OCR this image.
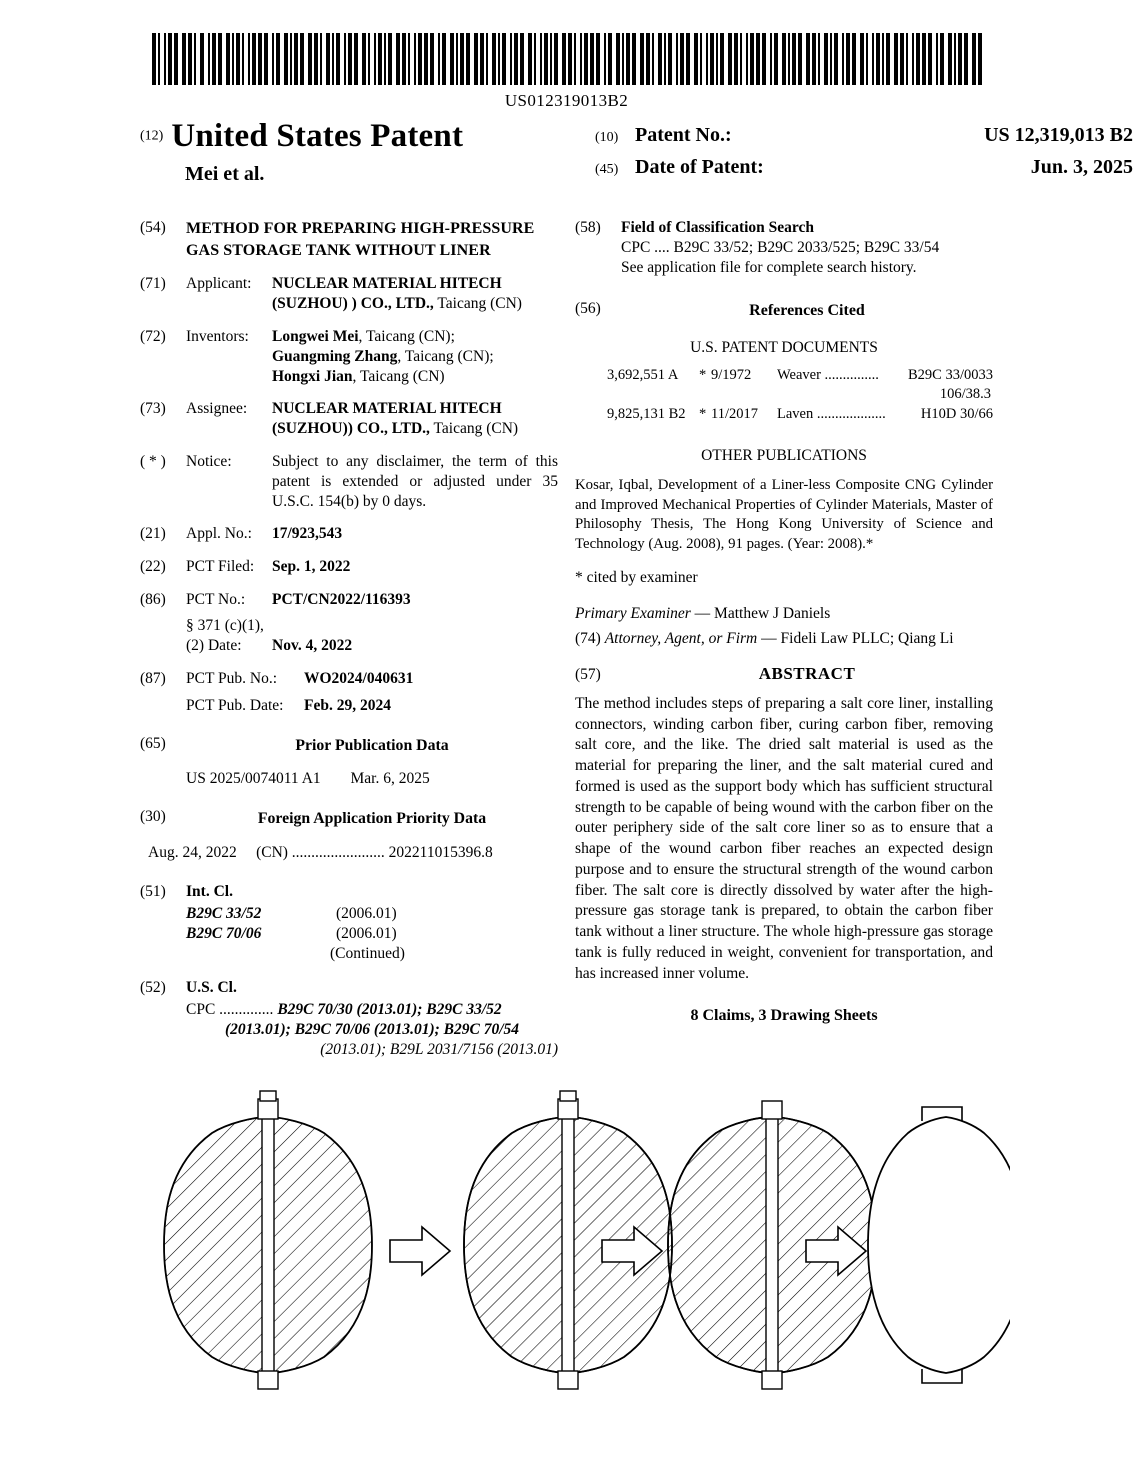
US012319013B2
(12) United States Patent
Mei et al.
(10) Patent No.:	US 12,319,013 B2
(45) Date of Patent:	Jun. 3, 2025
(54)	METHOD FOR PREPARING HIGH-PRESSURE GAS STORAGE TANK WITHOUT LINER
(71)	Applicant:	NUCLEAR MATERIAL HITECH (SUZHOU) ) CO., LTD., Taicang (CN)
(72)	Inventors:	Longwei Mei, Taicang (CN);
Guangming Zhang, Taicang (CN);
Hongxi Jian, Taicang (CN)
(73)	Assignee:	NUCLEAR MATERIAL HITECH (SUZHOU)) CO., LTD., Taicang (CN)
( * )	Notice:	Subject to any disclaimer, the term of this patent is extended or adjusted under 35 U.S.C. 154(b) by 0 days.
(21)	Appl. No.:	17/923,543
(22)	PCT Filed:	Sep. 1, 2022
(86)	PCT No.:	PCT/CN2022/116393
§ 371 (c)(1),
(2) Date:	Nov. 4, 2022
(87)	PCT Pub. No.:	WO2024/040631
PCT Pub. Date:	Feb. 29, 2024
(65)	Prior Publication Data
US 2025/0074011 A1 Mar. 6, 2025
(30)	Foreign Application Priority Data
Aug. 24, 2022     (CN) ........................ 202211015396.8
(51)	Int. Cl.
B29C 33/52	(2006.01)
B29C 70/06	(2006.01)
(Continued)
(52)	U.S. Cl.
CPC .............. B29C 70/30 (2013.01); B29C 33/52
(2013.01); B29C 70/06 (2013.01); B29C 70/54
(2013.01); B29L 2031/7156 (2013.01)
(58)	Field of Classification Search
CPC .... B29C 33/52; B29C 2033/525; B29C 33/54
See application file for complete search history.
(56)	References Cited
U.S. PATENT DOCUMENTS
3,692,551 A	* 9/1972	Weaver ...............	B29C 33/0033
106/38.3
9,825,131 B2 * 11/2017	Laven ...................	H10D 30/66
OTHER PUBLICATIONS
Kosar, Iqbal, Development of a Liner-less Composite CNG Cylinder and Improved Mechanical Properties of Cylinder Materials, Master of Philosophy Thesis, The Hong Kong University of Science and Technology (Aug. 2008), 91 pages. (Year: 2008).*
* cited by examiner
Primary Examiner — Matthew J Daniels
(74) Attorney, Agent, or Firm — Fideli Law PLLC; Qiang Li
(57)	ABSTRACT
The method includes steps of preparing a salt core liner, installing connectors, winding carbon fiber, curing carbon fiber, removing salt core, and the like. The dried salt material is used as the material for preparing the liner, and the salt material cured and formed is used as the support body which has sufficient structural strength to be capable of being wound with the carbon fiber on the outer periphery side of the salt core liner so as to ensure that a shape of the wound carbon fiber reaches an expected design purpose and to ensure the structural strength of the wound carbon fiber. The salt core is directly dissolved by water after the high-pressure gas storage tank is prepared, to obtain the carbon fiber tank without a liner structure. The whole high-pressure gas storage tank is fully reduced in weight, convenient for transportation, and has increased inner volume.
8 Claims, 3 Drawing Sheets
